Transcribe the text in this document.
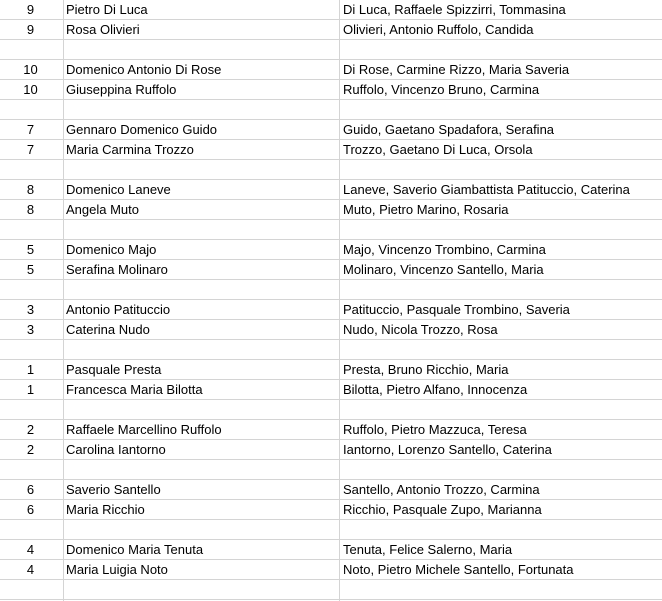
4	Maria Luigia Noto	Noto, Pietro Michele Santello, Fortunata
4	Domenico Maria Tenuta	Tenuta, Felice Salerno, Maria
6	Maria Ricchio	Ricchio, Pasquale Zupo, Marianna
6	Saverio Santello	Santello, Antonio Trozzo, Carmina
2	Carolina Iantorno	Iantorno, Lorenzo Santello, Caterina
2	Raffaele Marcellino Ruffolo	Ruffolo, Pietro Mazzuca, Teresa
1	Francesca Maria Bilotta	Bilotta, Pietro Alfano, Innocenza
1	Pasquale Presta	Presta, Bruno Ricchio, Maria
3	Caterina Nudo	Nudo, Nicola Trozzo, Rosa
3	Antonio Patituccio	Patituccio, Pasquale Trombino, Saveria
5	Serafina Molinaro	Molinaro, Vincenzo Santello, Maria
5	Domenico Majo	Majo, Vincenzo Trombino, Carmina
8	Angela Muto	Muto, Pietro Marino, Rosaria
8	Domenico Laneve	Laneve, Saverio Giambattista Patituccio, Caterina
7	Maria Carmina Trozzo	Trozzo, Gaetano Di Luca, Orsola
7	Gennaro Domenico Guido	Guido, Gaetano Spadafora, Serafina
10	Giuseppina Ruffolo	Ruffolo, Vincenzo Bruno, Carmina
10	Domenico Antonio Di Rose	Di Rose, Carmine Rizzo, Maria Saveria
9	Rosa Olivieri	Olivieri, Antonio Ruffolo, Candida
9	Pietro Di Luca	Di Luca, Raffaele Spizzirri, Tommasina
